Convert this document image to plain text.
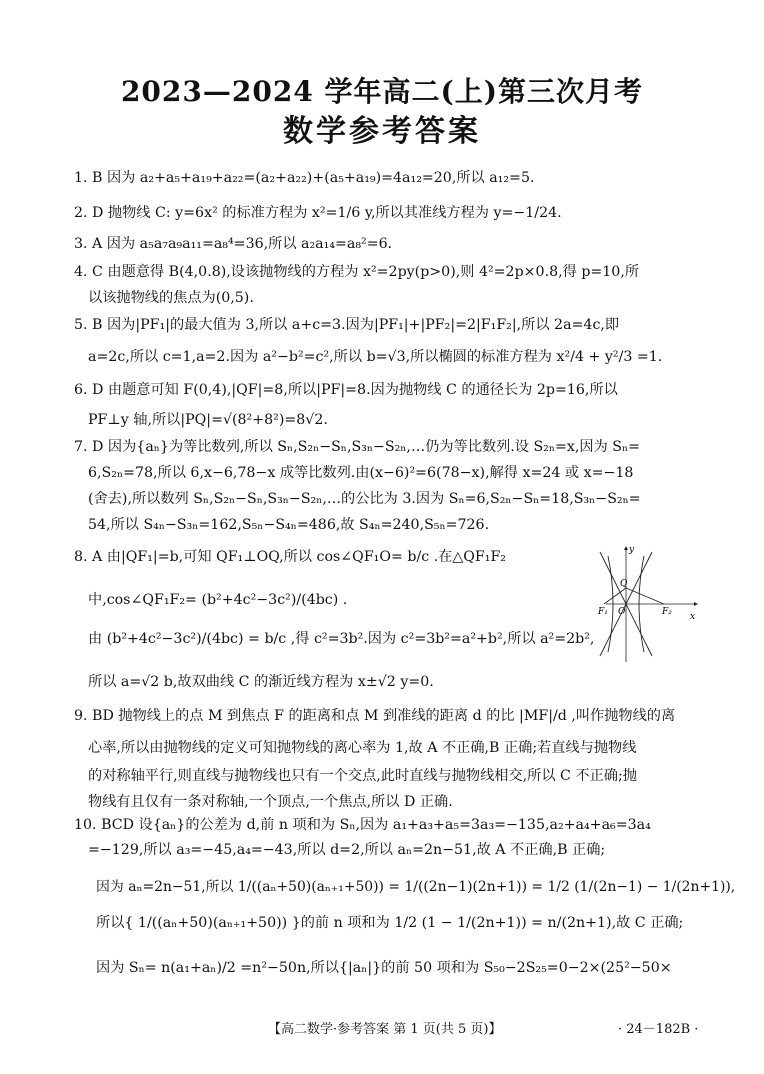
2023—2024 学年高二(上)第三次月考
数学参考答案
1. B 因为 a₂+a₅+a₁₉+a₂₂=(a₂+a₂₂)+(a₅+a₁₉)=4a₁₂=20,所以 a₁₂=5.
2. D 抛物线 C: y=6x² 的标准方程为 x²=1/6 y,所以其准线方程为 y=−1/24.
3. A 因为 a₅a₇a₉a₁₁=a₈⁴=36,所以 a₂a₁₄=a₈²=6.
4. C 由题意得 B(4,0.8),设该抛物线的方程为 x²=2py(p>0),则 4²=2p×0.8,得 p=10,所
以该抛物线的焦点为(0,5).
5. B 因为|PF₁|的最大值为 3,所以 a+c=3.因为|PF₁|+|PF₂|=2|F₁F₂|,所以 2a=4c,即
a=2c,所以 c=1,a=2.因为 a²−b²=c²,所以 b=√3,所以椭圆的标准方程为 x²/4 + y²/3 =1.
6. D 由题意可知 F(0,4),|QF|=8,所以|PF|=8.因为抛物线 C 的通径长为 2p=16,所以
PF⊥y 轴,所以|PQ|=√(8²+8²)=8√2.
7. D 因为{aₙ}为等比数列,所以 Sₙ,S₂ₙ−Sₙ,S₃ₙ−S₂ₙ,…仍为等比数列.设 S₂ₙ=x,因为 Sₙ=
6,S₂ₙ=78,所以 6,x−6,78−x 成等比数列.由(x−6)²=6(78−x),解得 x=24 或 x=−18
(舍去),所以数列 Sₙ,S₂ₙ−Sₙ,S₃ₙ−S₂ₙ,…的公比为 3.因为 Sₙ=6,S₂ₙ−Sₙ=18,S₃ₙ−S₂ₙ=
54,所以 S₄ₙ−S₃ₙ=162,S₅ₙ−S₄ₙ=486,故 S₄ₙ=240,S₅ₙ=726.
8. A 由|QF₁|=b,可知 QF₁⊥OQ,所以 cos∠QF₁O= b/c .在△QF₁F₂
中,cos∠QF₁F₂= (b²+4c²−3c²)/(4bc) .
由 (b²+4c²−3c²)/(4bc) = b/c ,得 c²=3b².因为 c²=3b²=a²+b²,所以 a²=2b²,
所以 a=√2 b,故双曲线 C 的渐近线方程为 x±√2 y=0.
9. BD 抛物线上的点 M 到焦点 F 的距离和点 M 到准线的距离 d 的比 |MF|/d ,叫作抛物线的离
心率,所以由抛物线的定义可知抛物线的离心率为 1,故 A 不正确,B 正确;若直线与抛物线
的对称轴平行,则直线与抛物线也只有一个交点,此时直线与抛物线相交,所以 C 不正确;抛
物线有且仅有一条对称轴,一个顶点,一个焦点,所以 D 正确.
10. BCD 设{aₙ}的公差为 d,前 n 项和为 Sₙ,因为 a₁+a₃+a₅=3a₃=−135,a₂+a₄+a₆=3a₄
=−129,所以 a₃=−45,a₄=−43,所以 d=2,所以 aₙ=2n−51,故 A 不正确,B 正确;
因为 aₙ=2n−51,所以 1/((aₙ+50)(aₙ₊₁+50)) = 1/((2n−1)(2n+1)) = 1/2 (1/(2n−1) − 1/(2n+1)),
所以{ 1/((aₙ+50)(aₙ₊₁+50)) }的前 n 项和为 1/2 (1 − 1/(2n+1)) = n/(2n+1),故 C 正确;
因为 Sₙ= n(a₁+aₙ)/2 =n²−50n,所以{|aₙ|}的前 50 项和为 S₅₀−2S₂₅=0−2×(25²−50×
y
x
Q
O
F₁	F₂
【高二数学·参考答案 第 1 页(共 5 页)】	· 24－182B ·
